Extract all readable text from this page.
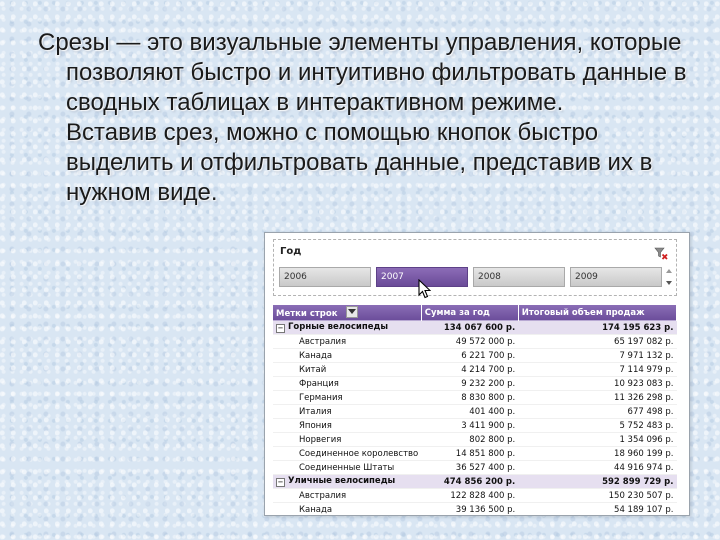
Срезы — это визуальные элементы управления, которые позволяют быстро и интуитивно фильтровать данные в сводных таблицах в интерактивном режиме.

Вставив срез, можно с помощью кнопок быстро выделить и отфильтровать данные, представив их в нужном виде.

Год
2006	2007	2008	2009
Метки строк	Сумма за год	Итоговый объем продаж
− Горные велосипеды	134 067 600 р.	174 195 623 р.
Австралия	49 572 000 р.	65 197 082 р.
Канада	6 221 700 р.	7 971 132 р.
Китай	4 214 700 р.	7 114 979 р.
Франция	9 232 200 р.	10 923 083 р.
Германия	8 830 800 р.	11 326 298 р.
Италия	401 400 р.	677 498 р.
Япония	3 411 900 р.	5 752 483 р.
Норвегия	802 800 р.	1 354 096 р.
Соединенное королевство	14 851 800 р.	18 960 199 р.
Соединенные Штаты	36 527 400 р.	44 916 974 р.
− Уличные велосипеды	474 856 200 р.	592 899 729 р.
Австралия	122 828 400 р.	150 230 507 р.
Канада	39 136 500 р.	54 189 107 р.
